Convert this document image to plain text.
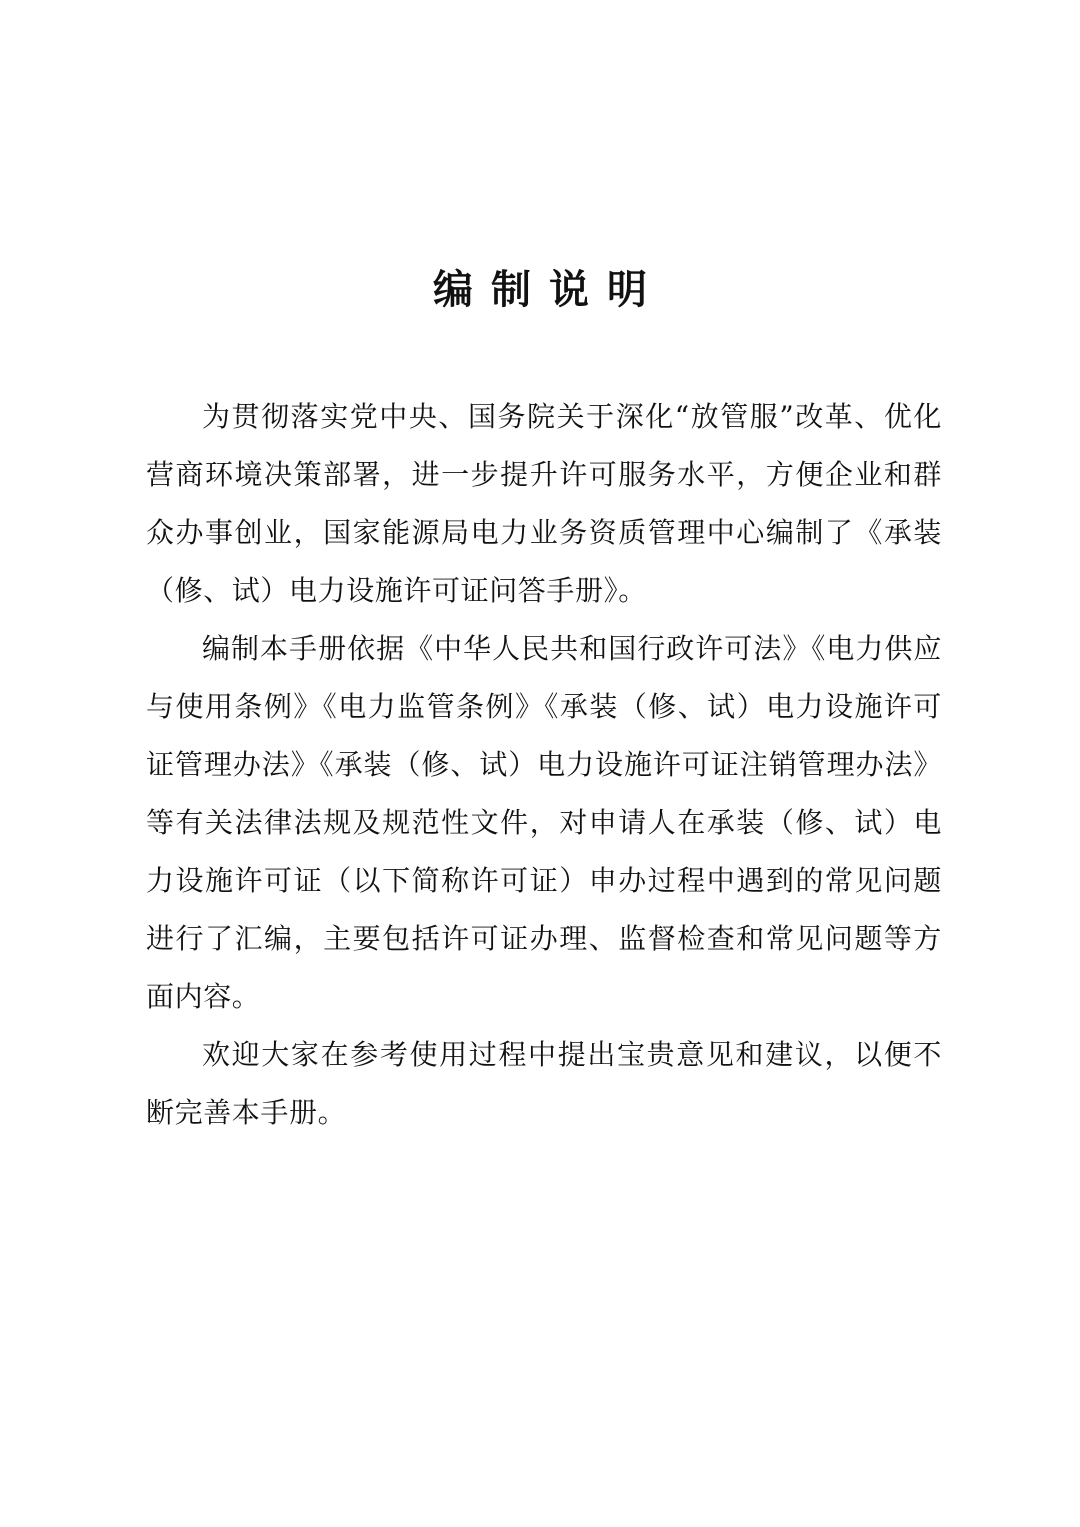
编制说明

为贯彻落实党中央、国务院关于深化“放管服”改革、优化营商环境决策部署，进一步提升许可服务水平，方便企业和群众办事创业，国家能源局电力业务资质管理中心编制了《承装（修、试）电力设施许可证问答手册》。

编制本手册依据《中华人民共和国行政许可法》《电力供应与使用条例》《电力监管条例》《承装（修、试）电力设施许可证管理办法》《承装（修、试）电力设施许可证注销管理办法》等有关法律法规及规范性文件，对申请人在承装（修、试）电力设施许可证（以下简称许可证）申办过程中遇到的常见问题进行了汇编，主要包括许可证办理、监督检查和常见问题等方面内容。

欢迎大家在参考使用过程中提出宝贵意见和建议，以便不断完善本手册。
